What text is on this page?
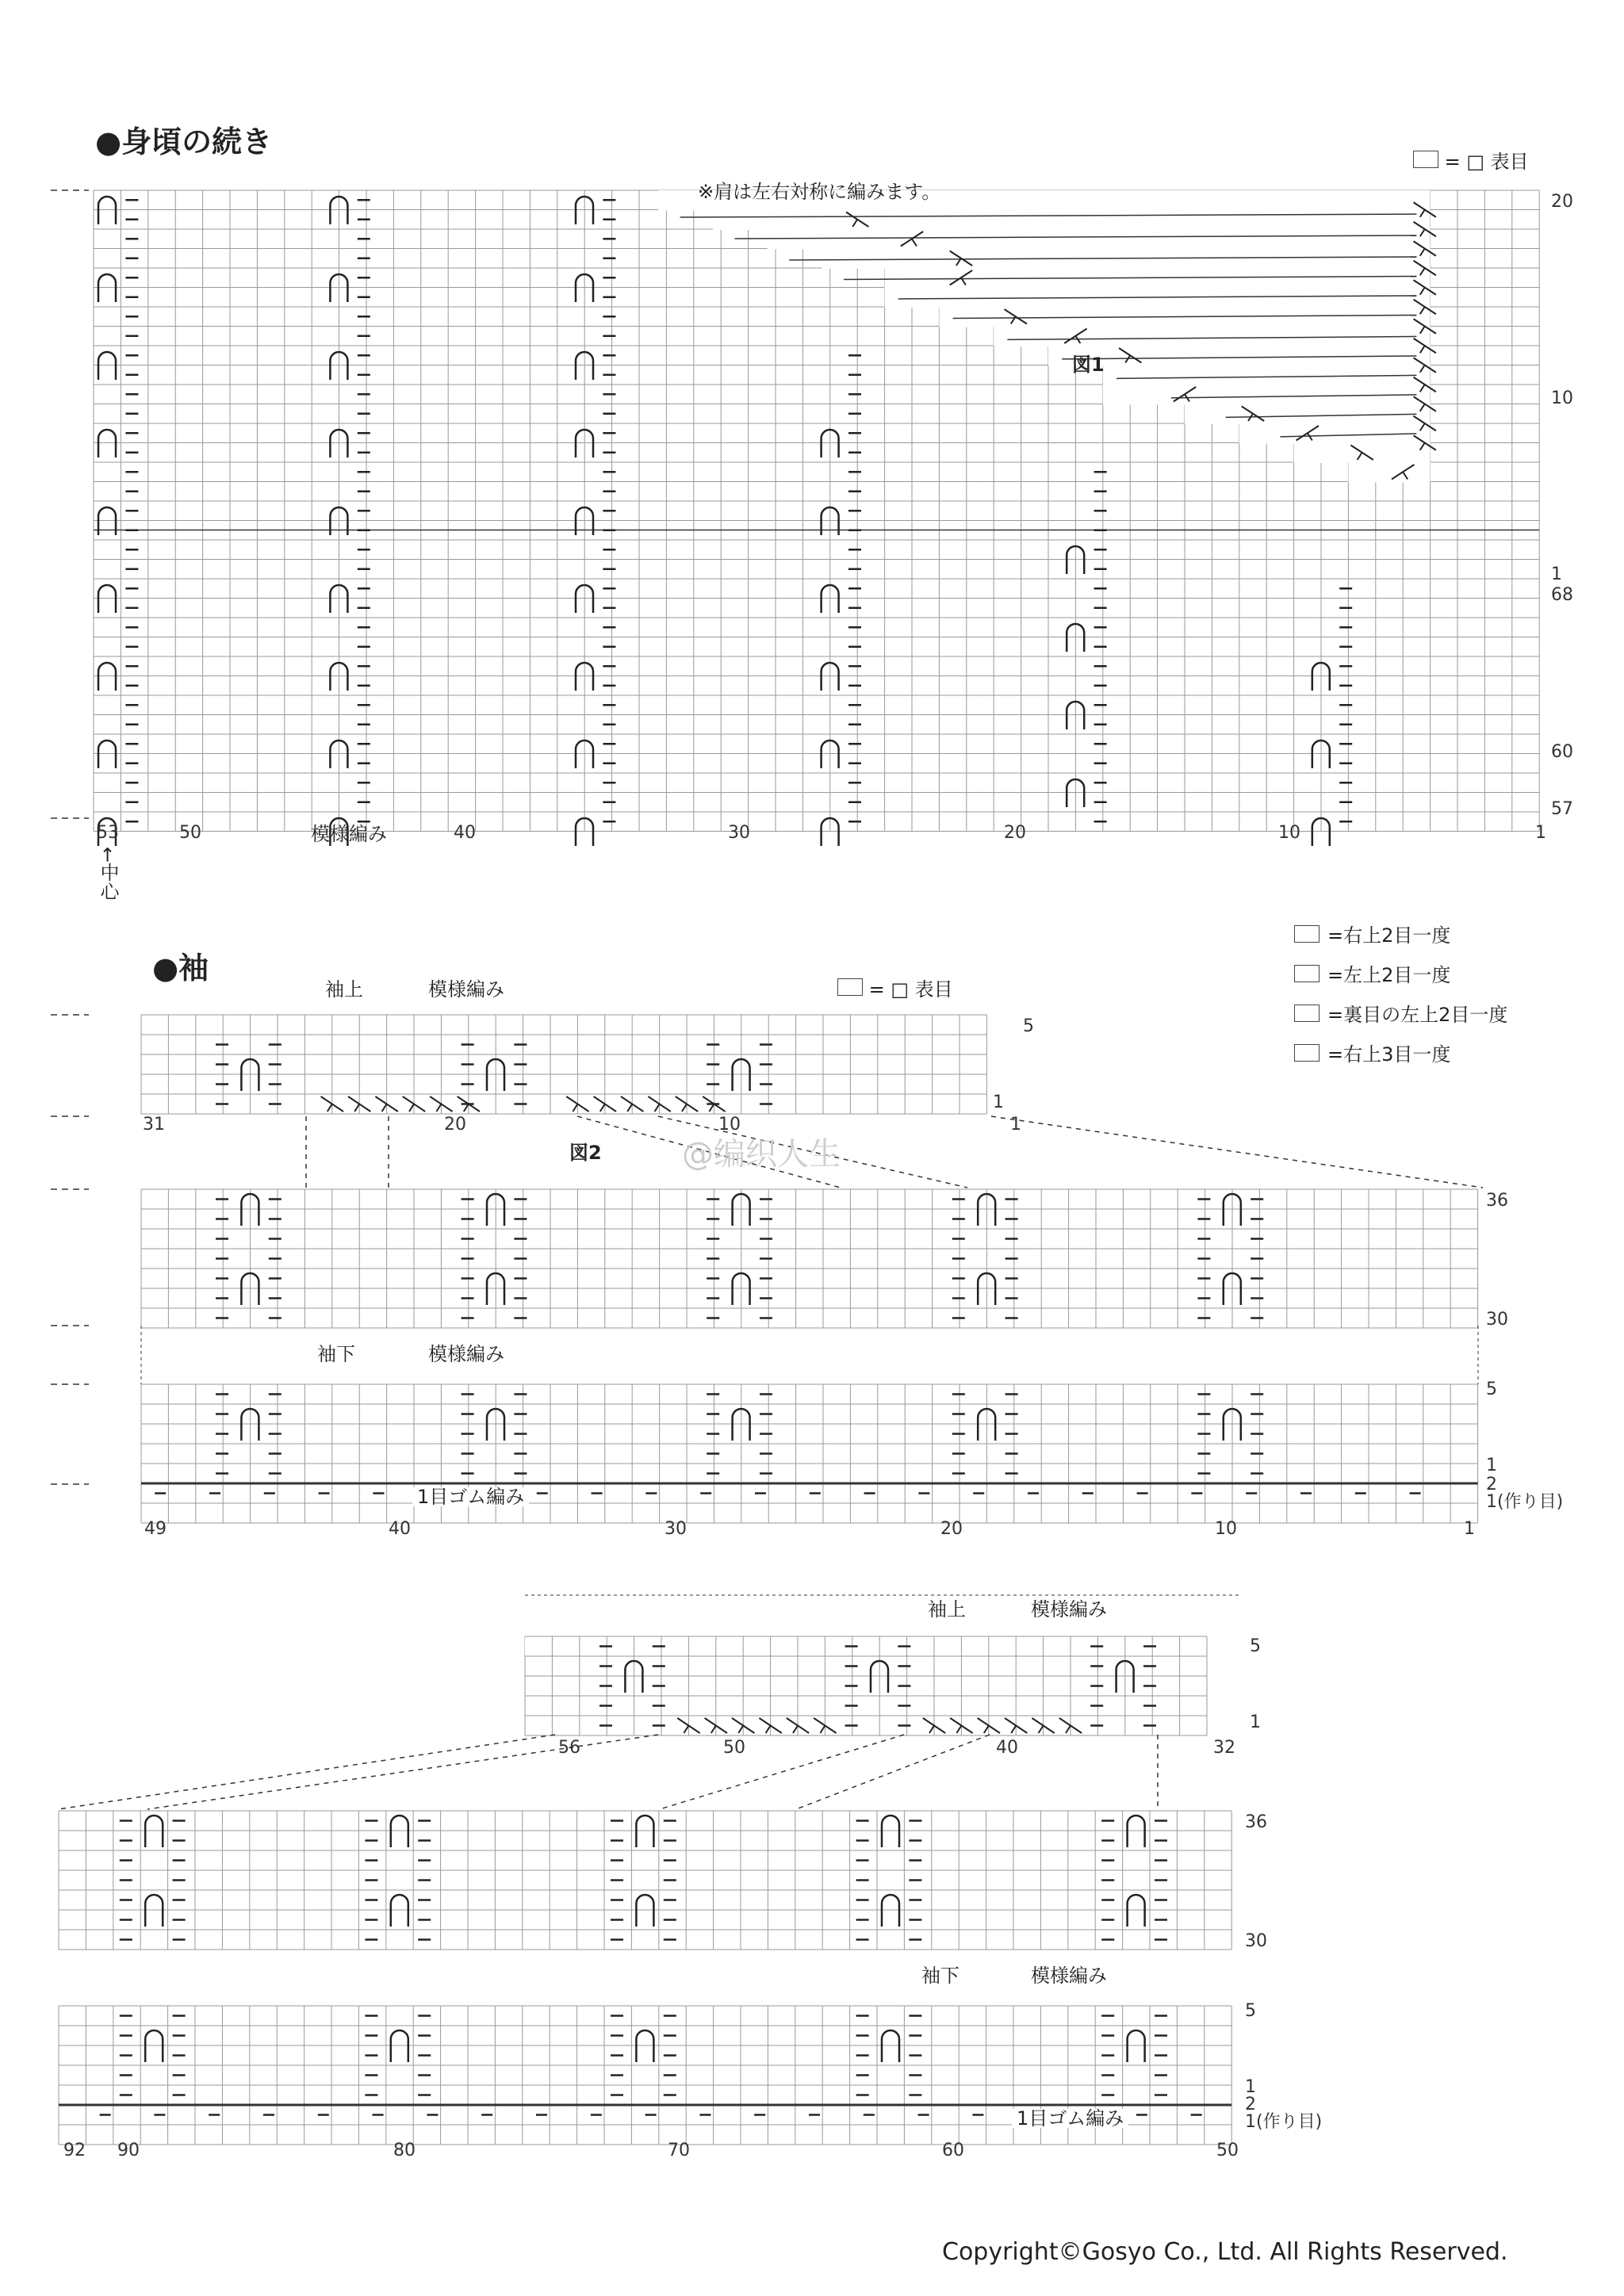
●身頃の続き
※肩は左右対称に編みます。
図1
= □ 表目
模様編み
←中心
●袖
袖上	模様編み	= □ 表目
図2
袖下	模様編み
1目ゴム編み
@编织人生
=右上2目一度
=左上2目一度
=裏目の左上2目一度
=右上3目一度
袖上	模様編み
袖下	模様編み
1目ゴム編み
Copyright©Gosyo Co., Ltd. All Rights Reserved.
53	50	40	30	20	10	1
20
10
1
68
60
57
31	20	10	1
5
1
36
30
5
1
2
1(作り目)
49	40	30	20	10	1
56	50	40	32
5
1
36
30
5
1
2
1(作り目)
92 90	80	70	60	50
